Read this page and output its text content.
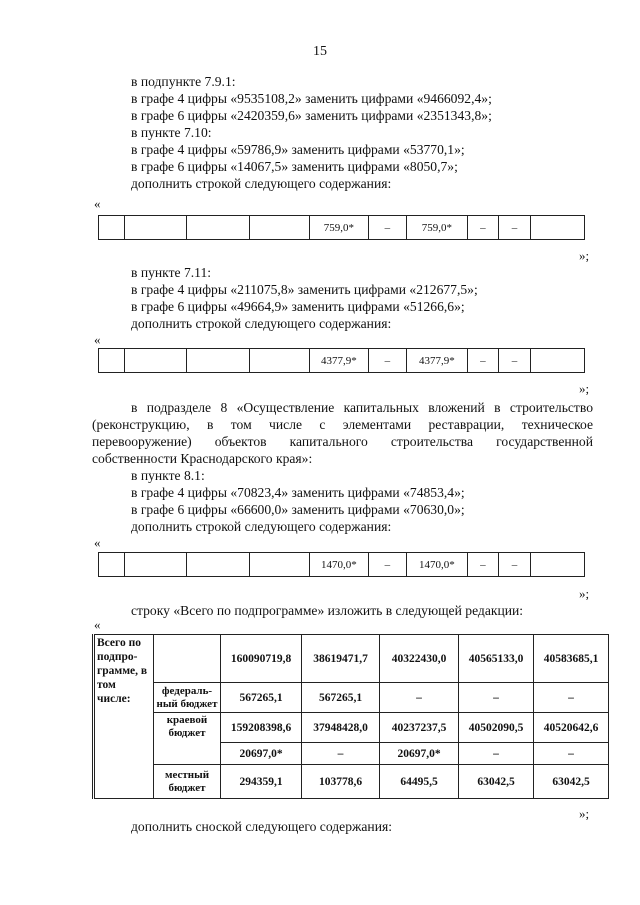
15
в подпункте 7.9.1:
в графе 4 цифры «9535108,2» заменить цифрами «9466092,4»;
в графе 6 цифры «2420359,6» заменить цифрами «2351343,8»;
в пункте 7.10:
в графе 4 цифры «59786,9» заменить цифрами «53770,1»;
в графе 6 цифры «14067,5» заменить цифрами «8050,7»;
дополнить строкой следующего содержания:
«
				759,0*	–	759,0*	–	–	
»;
в пункте 7.11:
в графе 4 цифры «211075,8» заменить цифрами «212677,5»;
в графе 6 цифры «49664,9» заменить цифрами «51266,6»;
дополнить строкой следующего содержания:
«
				4377,9*	–	4377,9*	–	–	
»;
в подразделе 8 «Осуществление капитальных вложений в строительство (реконструкцию, в том числе с элементами реставрации, техническое перевооружение) объектов капитального строительства государственной собственности Краснодарского края»:
в пункте 8.1:
в графе 4 цифры «70823,4» заменить цифрами «74853,4»;
в графе 6 цифры «66600,0» заменить цифрами «70630,0»;
дополнить строкой следующего содержания:
«
				1470,0*	–	1470,0*	–	–	
»;
строку «Всего по подпрограмме» изложить в следующей редакции:
«
Всего по подпро-грамме, в том числе:		160090719,8	38619471,7	40322430,0	40565133,0	40583685,1
	федераль-ный бюджет	567265,1	567265,1	–	–	–
	краевой бюджет	159208398,6	37948428,0	40237237,5	40502090,5	40520642,6
		20697,0*	–	20697,0*	–	–
	местный бюджет	294359,1	103778,6	64495,5	63042,5	63042,5
»;
дополнить сноской следующего содержания:
